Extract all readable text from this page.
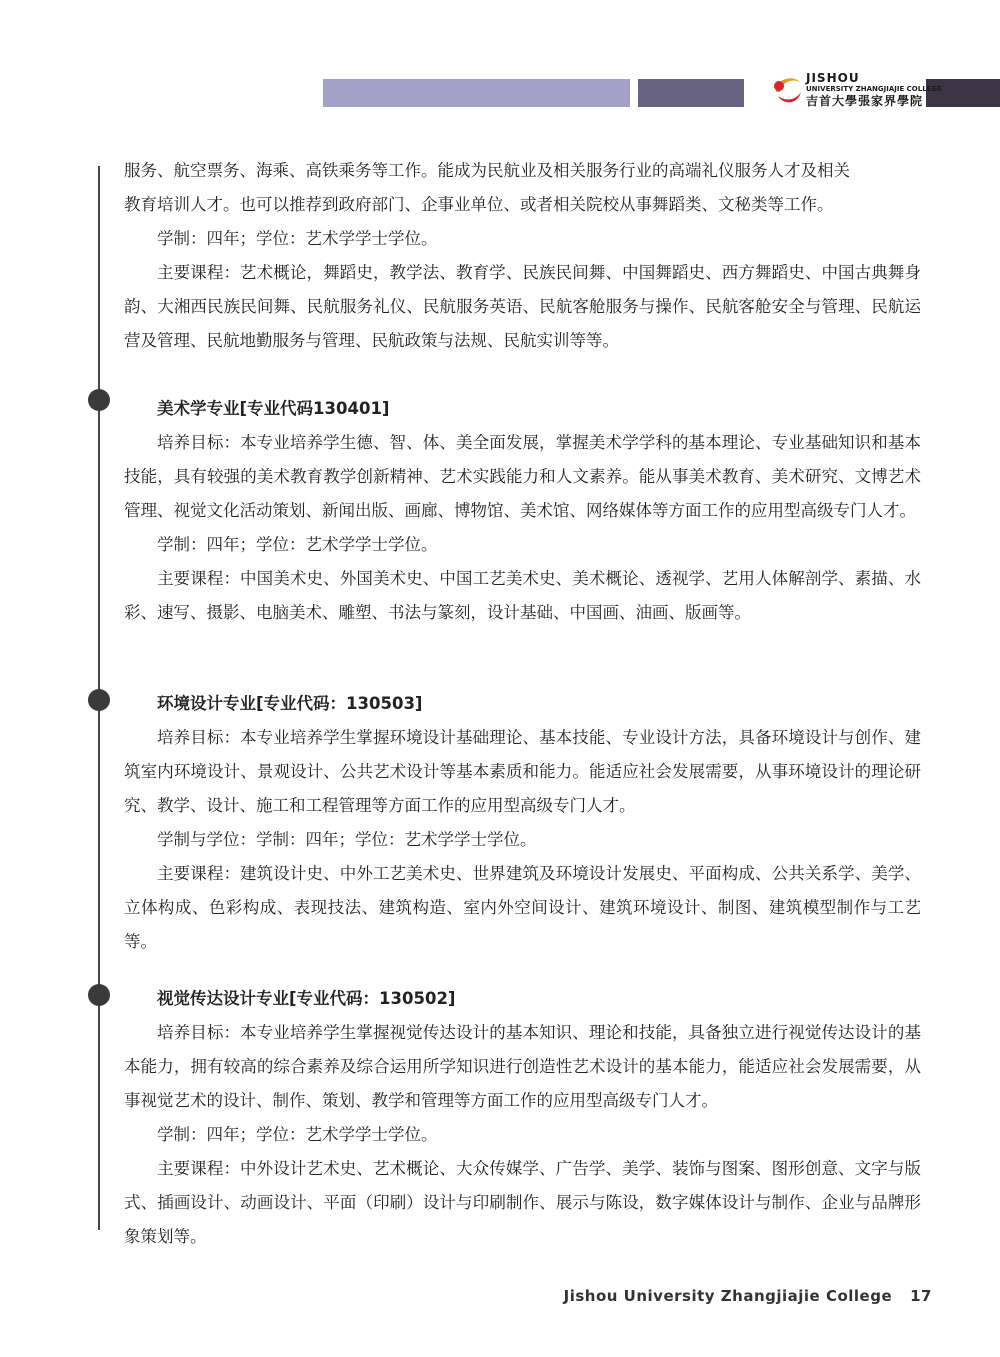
JISHOU
UNIVERSITY ZHANGJIAJIE COLLEGE
吉首大學張家界學院

服务、航空票务、海乘、高铁乘务等工作。能成为民航业及相关服务行业的高端礼仪服务人才及相关

教育培训人才。也可以推荐到政府部门、企事业单位、或者相关院校从事舞蹈类、文秘类等工作。

学制：四年；学位：艺术学学士学位。

主要课程：艺术概论，舞蹈史，教学法、教育学、民族民间舞、中国舞蹈史、西方舞蹈史、中国古典舞身韵、大湘西民族民间舞、民航服务礼仪、民航服务英语、民航客舱服务与操作、民航客舱安全与管理、民航运营及管理、民航地勤服务与管理、民航政策与法规、民航实训等等。

美术学专业[专业代码130401]

培养目标：本专业培养学生德、智、体、美全面发展，掌握美术学学科的基本理论、专业基础知识和基本技能，具有较强的美术教育教学创新精神、艺术实践能力和人文素养。能从事美术教育、美术研究、文博艺术管理、视觉文化活动策划、新闻出版、画廊、博物馆、美术馆、网络媒体等方面工作的应用型高级专门人才。

学制：四年；学位：艺术学学士学位。

主要课程：中国美术史、外国美术史、中国工艺美术史、美术概论、透视学、艺用人体解剖学、素描、水彩、速写、摄影、电脑美术、雕塑、书法与篆刻，设计基础、中国画、油画、版画等。

环境设计专业[专业代码：130503]

培养目标：本专业培养学生掌握环境设计基础理论、基本技能、专业设计方法，具备环境设计与创作、建筑室内环境设计、景观设计、公共艺术设计等基本素质和能力。能适应社会发展需要，从事环境设计的理论研究、教学、设计、施工和工程管理等方面工作的应用型高级专门人才。

学制与学位：学制：四年；学位：艺术学学士学位。

主要课程：建筑设计史、中外工艺美术史、世界建筑及环境设计发展史、平面构成、公共关系学、美学、立体构成、色彩构成、表现技法、建筑构造、室内外空间设计、建筑环境设计、制图、建筑模型制作与工艺等。

视觉传达设计专业[专业代码：130502]

培养目标：本专业培养学生掌握视觉传达设计的基本知识、理论和技能，具备独立进行视觉传达设计的基本能力，拥有较高的综合素养及综合运用所学知识进行创造性艺术设计的基本能力，能适应社会发展需要，从事视觉艺术的设计、制作、策划、教学和管理等方面工作的应用型高级专门人才。

学制：四年；学位：艺术学学士学位。

主要课程：中外设计艺术史、艺术概论、大众传媒学、广告学、美学、装饰与图案、图形创意、文字与版式、插画设计、动画设计、平面（印刷）设计与印刷制作、展示与陈设，数字媒体设计与制作、企业与品牌形象策划等。

Jishou University Zhangjiajie College 17
